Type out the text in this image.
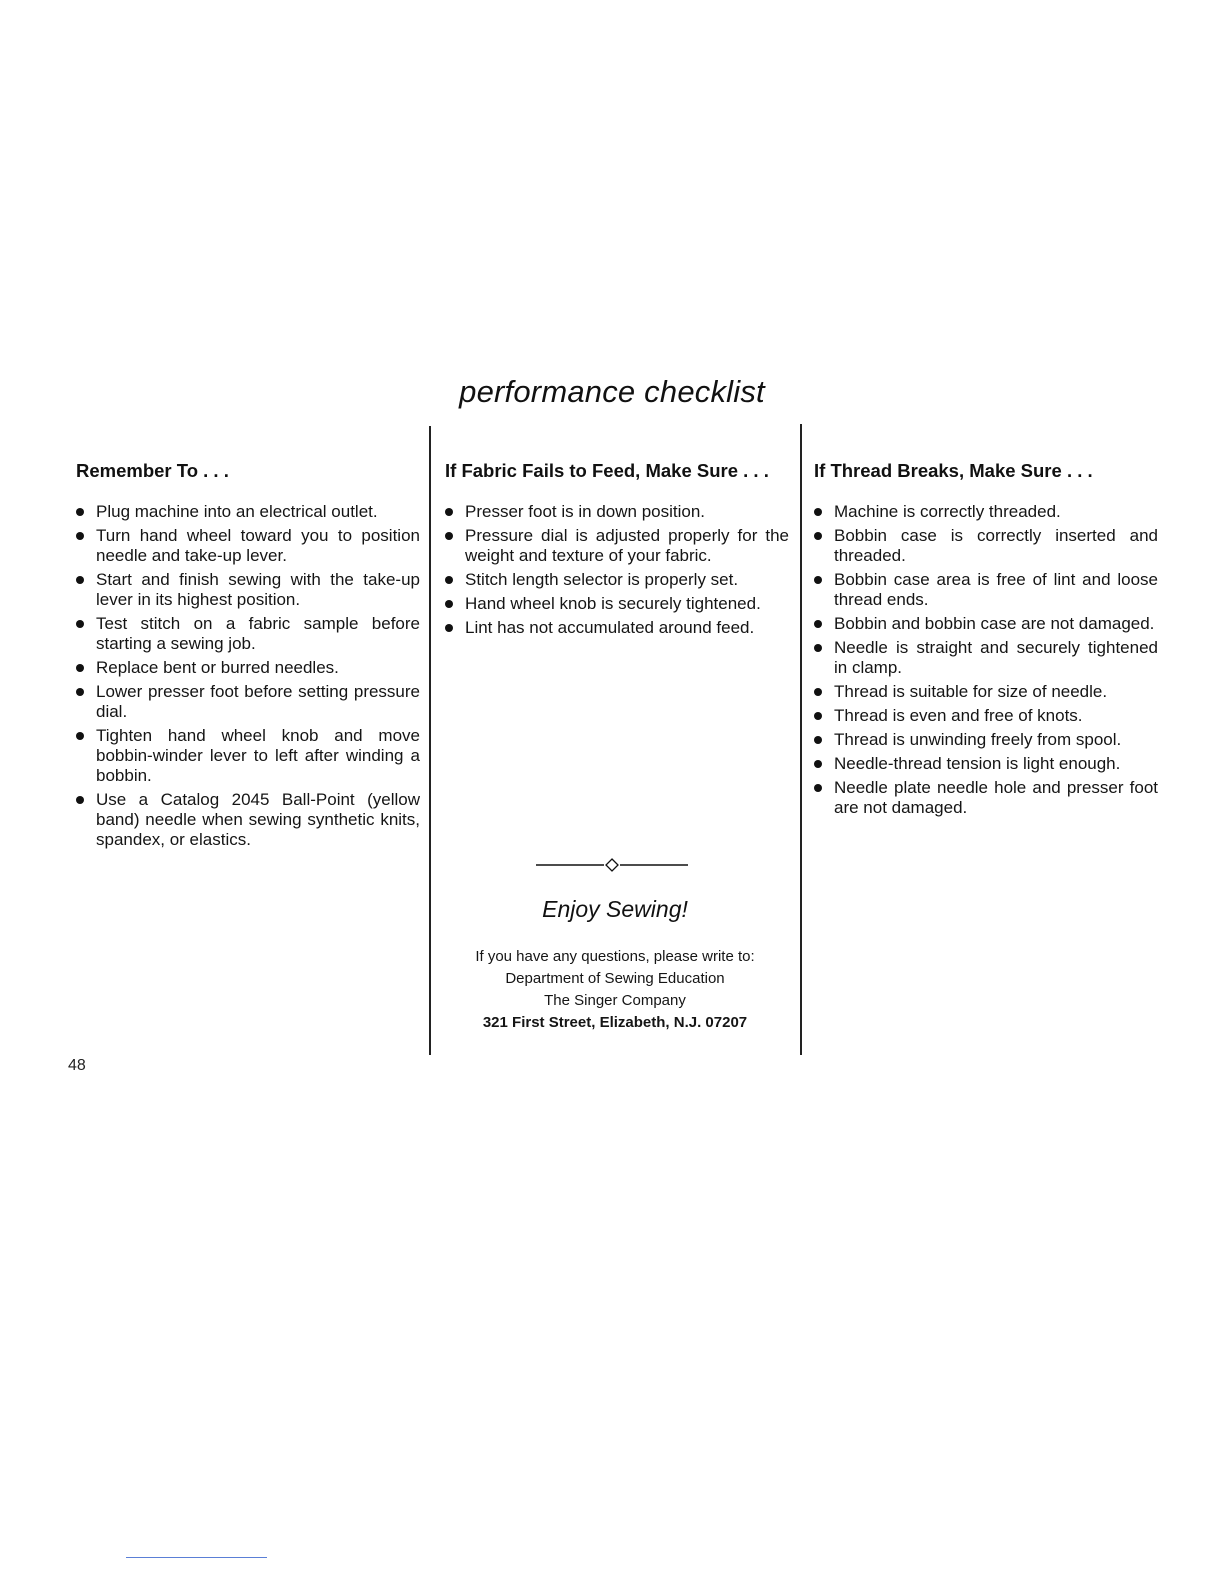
performance checklist
Remember To . . .
Plug machine into an electrical outlet.
Turn hand wheel toward you to position needle and take-up lever.
Start and finish sewing with the take-up lever in its highest position.
Test stitch on a fabric sample before starting a sewing job.
Replace bent or burred needles.
Lower presser foot before setting pressure dial.
Tighten hand wheel knob and move bobbin-winder lever to left after winding a bobbin.
Use a Catalog 2045 Ball-Point (yellow band) needle when sewing synthetic knits, spandex, or elastics.
If Fabric Fails to Feed, Make Sure . . .
Presser foot is in down position.
Pressure dial is adjusted properly for the weight and texture of your fabric.
Stitch length selector is properly set.
Hand wheel knob is securely tightened.
Lint has not accumulated around feed.
If Thread Breaks, Make Sure . . .
Machine is correctly threaded.
Bobbin case is correctly inserted and threaded.
Bobbin case area is free of lint and loose thread ends.
Bobbin and bobbin case are not damaged.
Needle is straight and securely tightened in clamp.
Thread is suitable for size of needle.
Thread is even and free of knots.
Thread is unwinding freely from spool.
Needle-thread tension is light enough.
Needle plate needle hole and presser foot are not damaged.
Enjoy Sewing!
If you have any questions, please write to:
Department of Sewing Education
The Singer Company
321 First Street, Elizabeth, N.J. 07207
48
